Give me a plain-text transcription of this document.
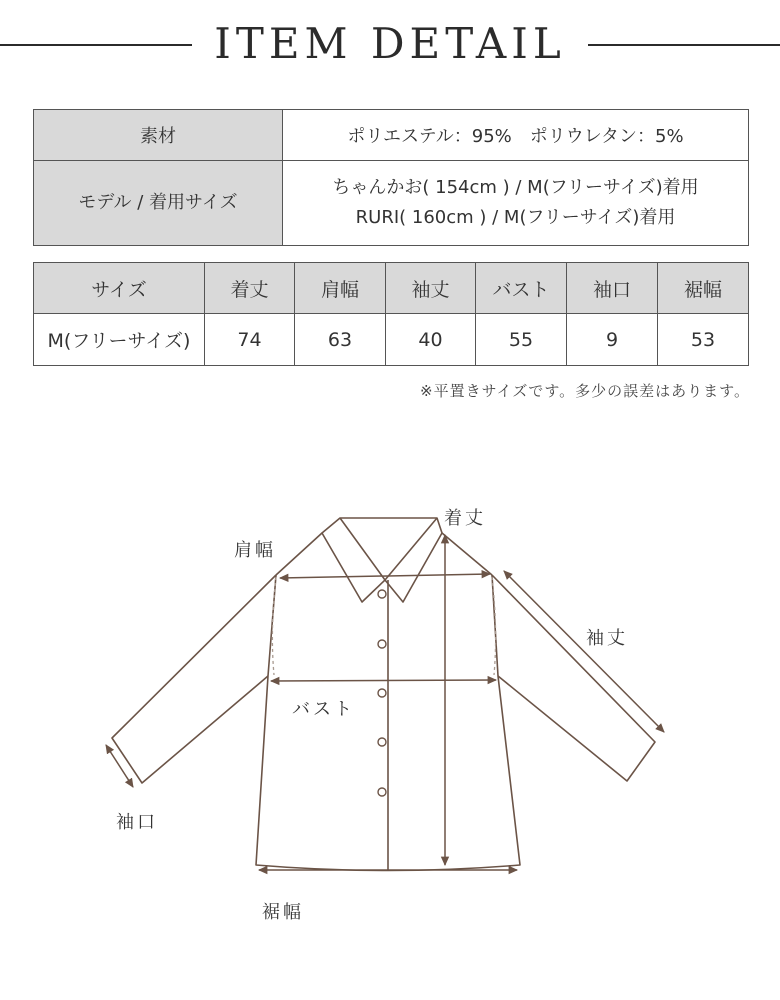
ITEM DETAIL
素材	ポリエステル：95%　ポリウレタン：5%
モデル / 着用サイズ	ちゃんかお( 154cm ) / M(フリーサイズ)着用
RURI( 160cm ) / M(フリーサイズ)着用
サイズ	着丈	肩幅	袖丈	バスト	袖口	裾幅
M(フリーサイズ)	74	63	40	55	9	53
※平置きサイズです。多少の誤差はあります。
着丈
肩幅
袖丈
バスト
袖口
裾幅
